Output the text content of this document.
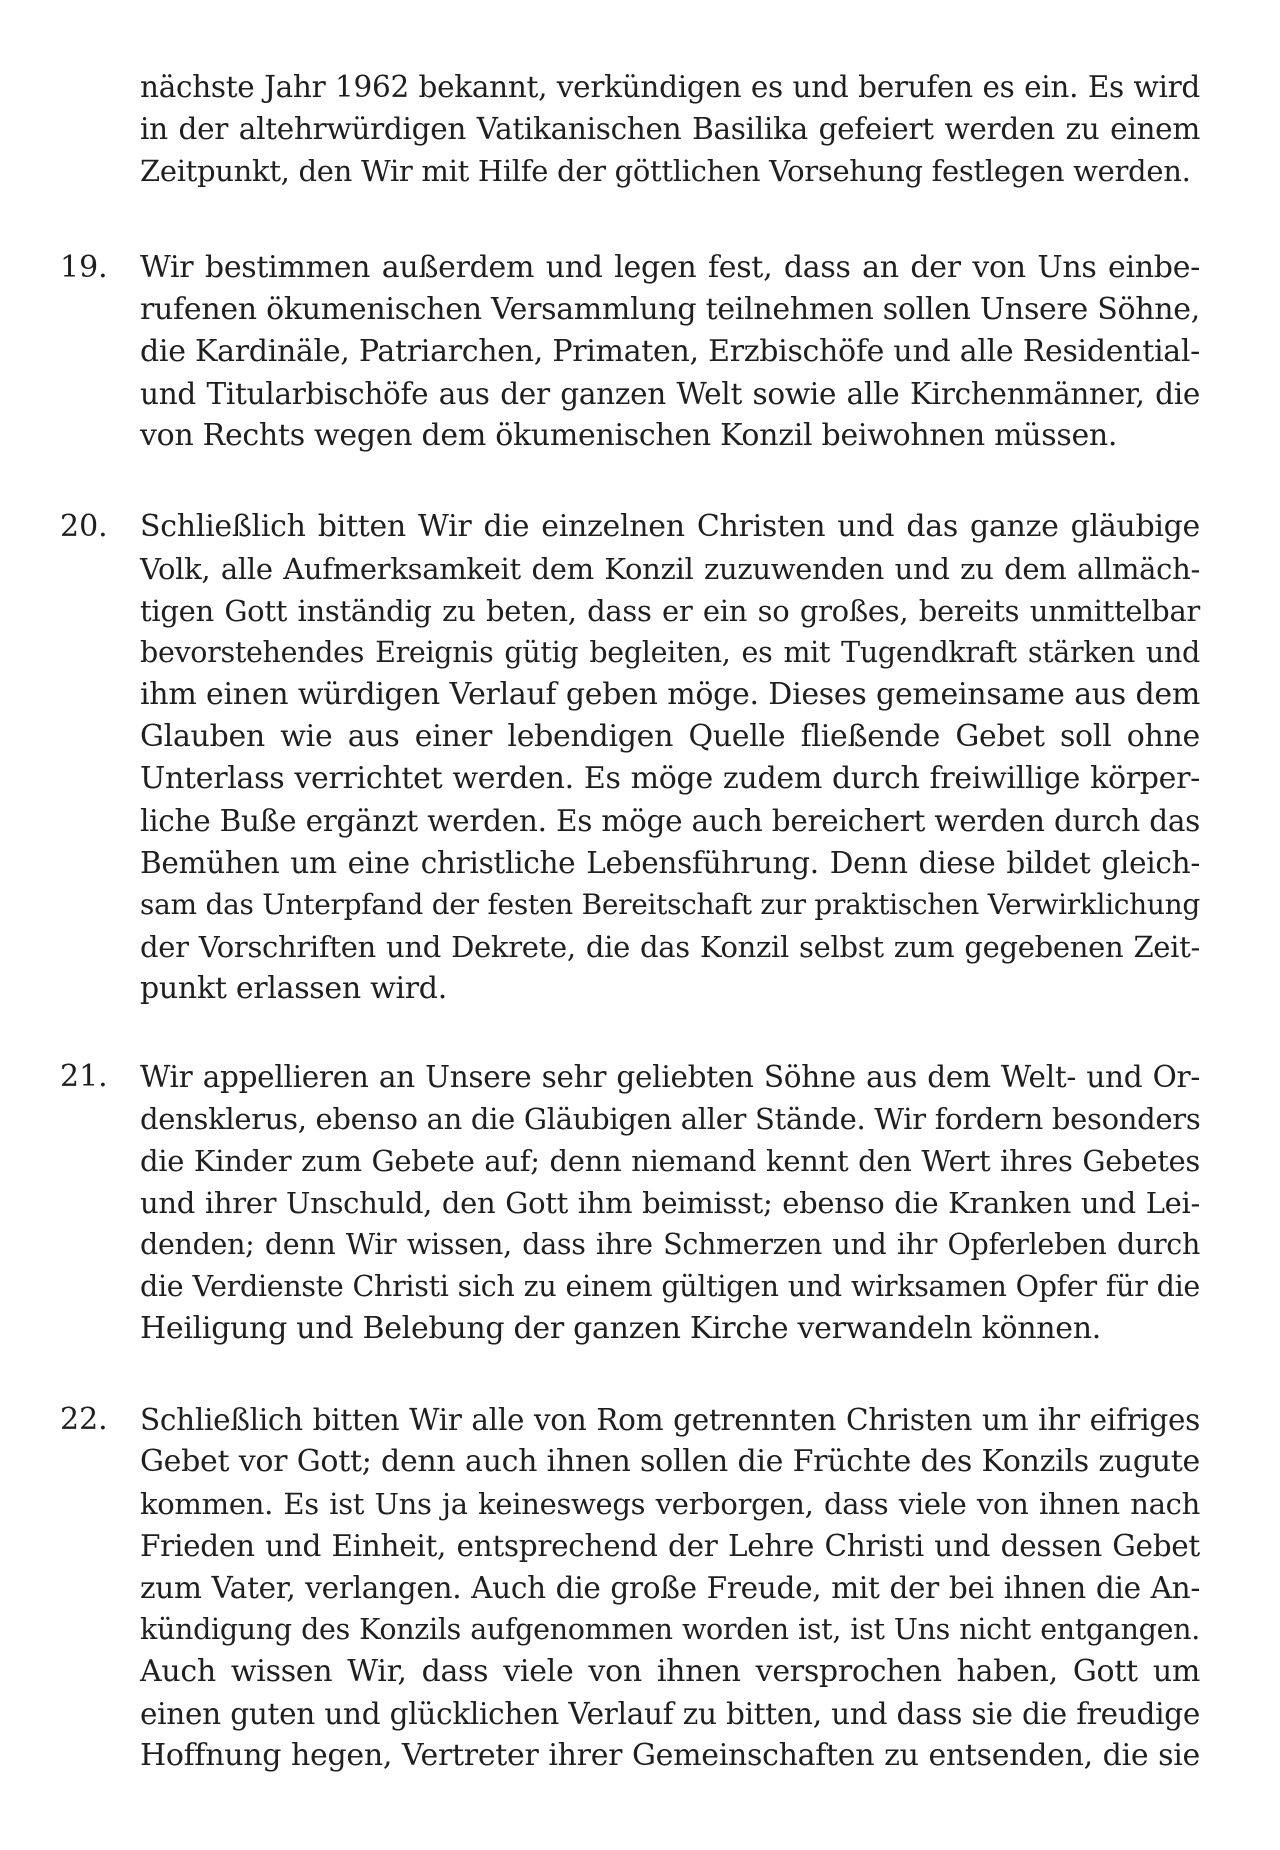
nächste Jahr 1962 bekannt, verkündigen es und berufen es ein. Es wird
in der altehrwürdigen Vatikanischen Basilika gefeiert werden zu einem
Zeitpunkt, den Wir mit Hilfe der göttlichen Vorsehung festlegen werden.
19. Wir bestimmen außerdem und legen fest, dass an der von Uns einbe-
rufenen ökumenischen Versammlung teilnehmen sollen Unsere Söhne,
die Kardinäle, Patriarchen, Primaten, Erzbischöfe und alle Residential-
und Titularbischöfe aus der ganzen Welt sowie alle Kirchenmänner, die
von Rechts wegen dem ökumenischen Konzil beiwohnen müssen.
20. Schließlich bitten Wir die einzelnen Christen und das ganze gläubige
Volk, alle Aufmerksamkeit dem Konzil zuzuwenden und zu dem allmäch-
tigen Gott inständig zu beten, dass er ein so großes, bereits unmittelbar
bevorstehendes Ereignis gütig begleiten, es mit Tugendkraft stärken und
ihm einen würdigen Verlauf geben möge. Dieses gemeinsame aus dem
Glauben wie aus einer lebendigen Quelle fließende Gebet soll ohne
Unterlass verrichtet werden. Es möge zudem durch freiwillige körper-
liche Buße ergänzt werden. Es möge auch bereichert werden durch das
Bemühen um eine christliche Lebensführung. Denn diese bildet gleich-
sam das Unterpfand der festen Bereitschaft zur praktischen Verwirklichung
der Vorschriften und Dekrete, die das Konzil selbst zum gegebenen Zeit-
punkt erlassen wird.
21. Wir appellieren an Unsere sehr geliebten Söhne aus dem Welt- und Or-
densklerus, ebenso an die Gläubigen aller Stände. Wir fordern besonders
die Kinder zum Gebete auf; denn niemand kennt den Wert ihres Gebetes
und ihrer Unschuld, den Gott ihm beimisst; ebenso die Kranken und Lei-
denden; denn Wir wissen, dass ihre Schmerzen und ihr Opferleben durch
die Verdienste Christi sich zu einem gültigen und wirksamen Opfer für die
Heiligung und Belebung der ganzen Kirche verwandeln können.
22. Schließlich bitten Wir alle von Rom getrennten Christen um ihr eifriges
Gebet vor Gott; denn auch ihnen sollen die Früchte des Konzils zugute
kommen. Es ist Uns ja keineswegs verborgen, dass viele von ihnen nach
Frieden und Einheit, entsprechend der Lehre Christi und dessen Gebet
zum Vater, verlangen. Auch die große Freude, mit der bei ihnen die An-
kündigung des Konzils aufgenommen worden ist, ist Uns nicht entgangen.
Auch wissen Wir, dass viele von ihnen versprochen haben, Gott um
einen guten und glücklichen Verlauf zu bitten, und dass sie die freudige
Hoffnung hegen, Vertreter ihrer Gemeinschaften zu entsenden, die sie
